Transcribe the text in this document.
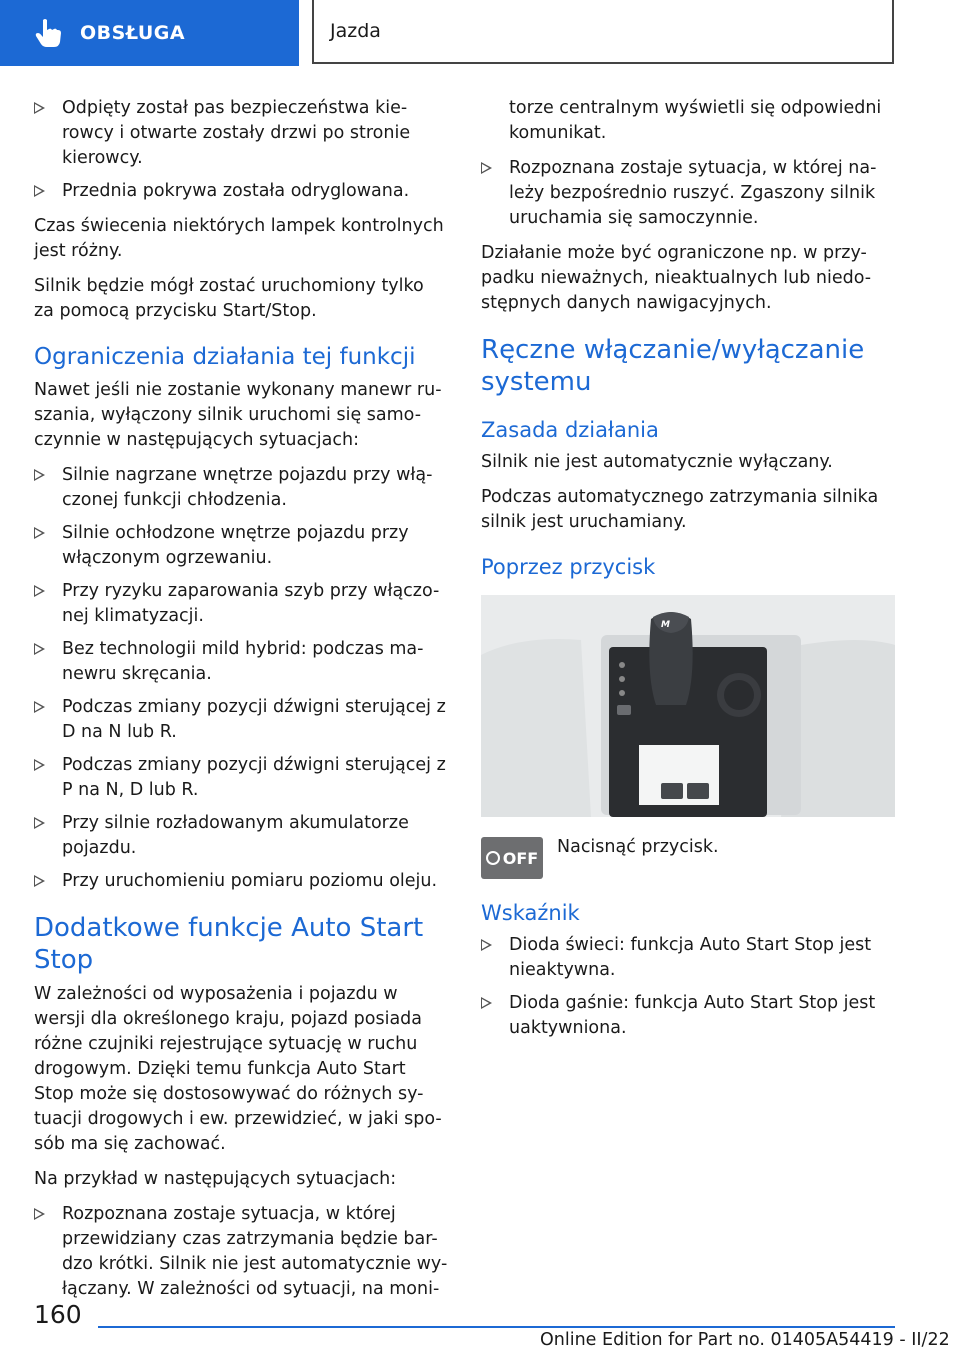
OBSŁUGA	Jazda
Odpięty został pas bezpieczeństwa kie-rowcy i otwarte zostały drzwi po stronie kierowcy.
Przednia pokrywa została odryglowana.

Czas świecenia niektórych lampek kontrolnych jest różny.

Silnik będzie mógł zostać uruchomiony tylko za pomocą przycisku Start/Stop.

Ograniczenia działania tej funkcji

Nawet jeśli nie zostanie wykonany manewr ru-szania, wyłączony silnik uruchomi się samo-czynnie w następujących sytuacjach:

Silnie nagrzane wnętrze pojazdu przy włą-czonej funkcji chłodzenia.
Silnie ochłodzone wnętrze pojazdu przy włączonym ogrzewaniu.
Przy ryzyku zaparowania szyb przy włączo-nej klimatyzacji.
Bez technologii mild hybrid: podczas ma-newru skręcania.
Podczas zmiany pozycji dźwigni sterującej z D na N lub R.
Podczas zmiany pozycji dźwigni sterującej z P na N, D lub R.
Przy silnie rozładowanym akumulatorze pojazdu.
Przy uruchomieniu pomiaru poziomu oleju.
Dodatkowe funkcje Auto Start Stop

W zależności od wyposażenia i pojazdu w wersji dla określonego kraju, pojazd posiada różne czujniki rejestrujące sytuację w ruchu drogowym. Dzięki temu funkcja Auto Start Stop może się dostosowywać do różnych sy-tuacji drogowych i ew. przewidzieć, w jaki spo-sób ma się zachować.

Na przykład w następujących sytuacjach:

Rozpoznana zostaje sytuacja, w której przewidziany czas zatrzymania będzie bar-dzo krótki. Silnik nie jest automatycznie wy-łączany. W zależności od sytuacji, na moni-

torze centralnym wyświetli się odpowiedni komunikat.

Rozpoznana zostaje sytuacja, w której na-leży bezpośrednio ruszyć. Zgaszony silnik uruchamia się samoczynnie.

Działanie może być ograniczone np. w przy-padku nieważnych, nieaktualnych lub niedo-stępnych danych nawigacyjnych.

Ręczne włączanie/wyłączanie systemu
Zasada działania

Silnik nie jest automatycznie wyłączany.

Podczas automatycznego zatrzymania silnika silnik jest uruchamiany.

Poprzez przycisk
M
OFF

Nacisnąć przycisk.

Wskaźnik
Dioda świeci: funkcja Auto Start Stop jest nieaktywna.
Dioda gaśnie: funkcja Auto Start Stop jest uaktywniona.
160
Online Edition for Part no. 01405A54419 - II/22
